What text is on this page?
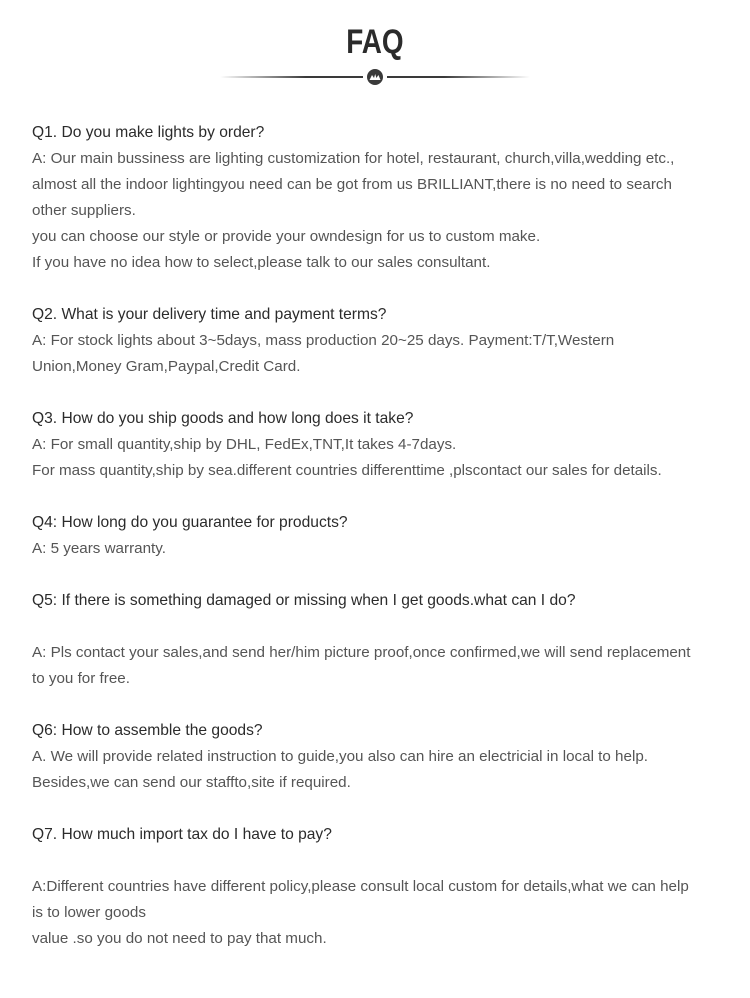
FAQ

Q1. Do you make lights by order?

A: Our main bussiness are lighting customization for hotel, restaurant, church,villa,wedding etc.,

almost all the indoor lightingyou need can be got from us BRILLIANT,there is no need to search

other suppliers.

you can choose our style or provide your owndesign for us to custom make.

If you have no idea how to select,please talk to our sales consultant.

Q2. What is your delivery time and payment terms?

A: For stock lights about 3~5days, mass production 20~25 days. Payment:T/T,Western

Union,Money Gram,Paypal,Credit Card.

Q3. How do you ship goods and how long does it take?

A: For small quantity,ship by DHL, FedEx,TNT,It takes 4-7days.

For mass quantity,ship by sea.different countries differenttime ,plscontact our sales for details.

Q4: How long do you guarantee for products?

A: 5 years warranty.

Q5: If there is something damaged or missing when I get goods.what can I do?

A: Pls contact your sales,and send her/him picture proof,once confirmed,we will send replacement

to you for free.

Q6: How to assemble the goods?

A. We will provide related instruction to guide,you also can hire an electricial in local to help.

Besides,we can send our staffto,site if required.

Q7. How much import tax do I have to pay?

A:Different countries have different policy,please consult local custom for details,what we can help

is to lower goods

value .so you do not need to pay that much.
